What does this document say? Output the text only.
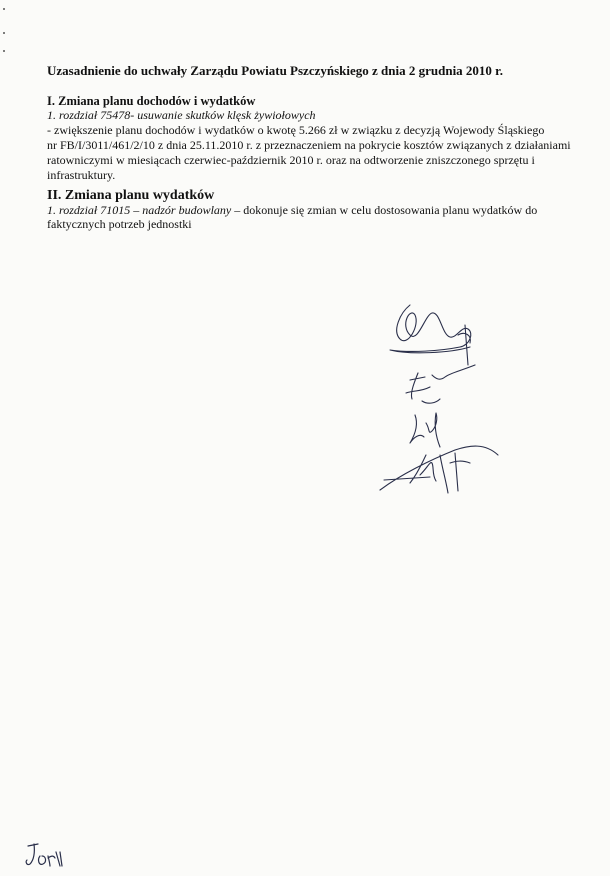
Uzasadnienie do uchwały Zarządu Powiatu Pszczyńskiego z dnia 2 grudnia 2010 r.
I. Zmiana planu dochodów i wydatków
1. rozdział 75478- usuwanie skutków klęsk żywiołowych
- zwiększenie planu dochodów i wydatków o kwotę 5.266 zł w związku z decyzją Wojewody Śląskiego
nr FB/I/3011/461/2/10 z dnia 25.11.2010 r. z przeznaczeniem na pokrycie kosztów związanych z działaniami
ratowniczymi w miesiącach czerwiec-październik 2010 r. oraz na odtworzenie zniszczonego sprzętu i
infrastruktury.
II. Zmiana planu wydatków
1. rozdział 71015 – nadzór budowlany – dokonuje się zmian w celu dostosowania planu wydatków do
faktycznych potrzeb jednostki
